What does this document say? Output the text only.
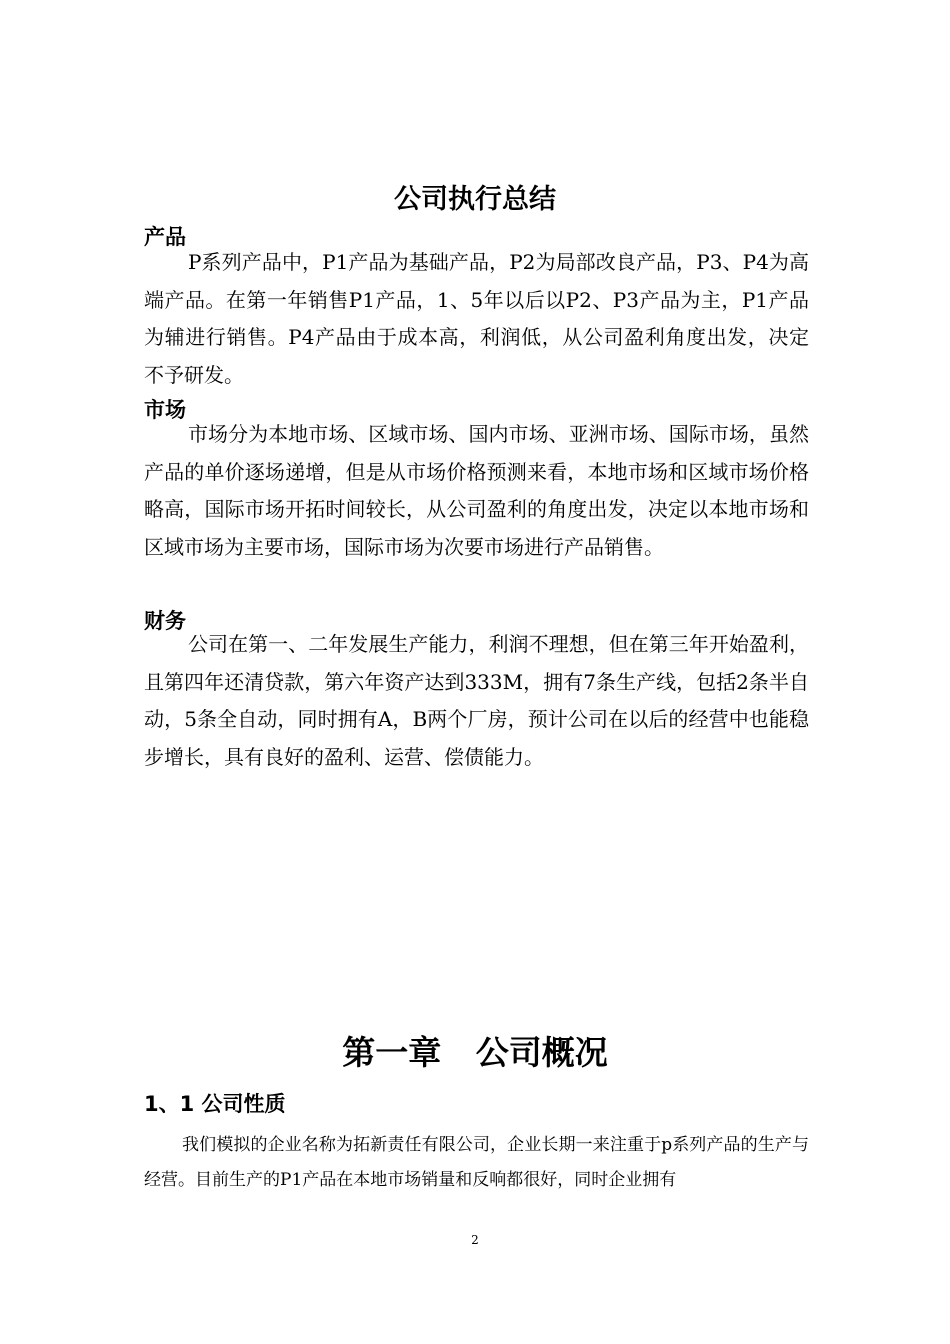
公司执行总结
产品

P系列产品中，P1产品为基础产品，P2为局部改良产品，P3、P4为高端产品。在第一年销售P1产品，1、5年以后以P2、P3产品为主，P1产品为辅进行销售。P4产品由于成本高，利润低，从公司盈利角度出发，决定不予研发。

市场

市场分为本地市场、区域市场、国内市场、亚洲市场、国际市场，虽然产品的单价逐场递增，但是从市场价格预测来看，本地市场和区域市场价格略高，国际市场开拓时间较长，从公司盈利的角度出发，决定以本地市场和区域市场为主要市场，国际市场为次要市场进行产品销售。

财务

公司在第一、二年发展生产能力，利润不理想，但在第三年开始盈利，且第四年还清贷款，第六年资产达到333M，拥有7条生产线，包括2条半自动，5条全自动，同时拥有A，B两个厂房，预计公司在以后的经营中也能稳步增长，具有良好的盈利、运营、偿债能力。

第一章   公司概况
1、1 公司性质

我们模拟的企业名称为拓新责任有限公司，企业长期一来注重于p系列产品的生产与经营。目前生产的P1产品在本地市场销量和反响都很好，同时企业拥有

2
